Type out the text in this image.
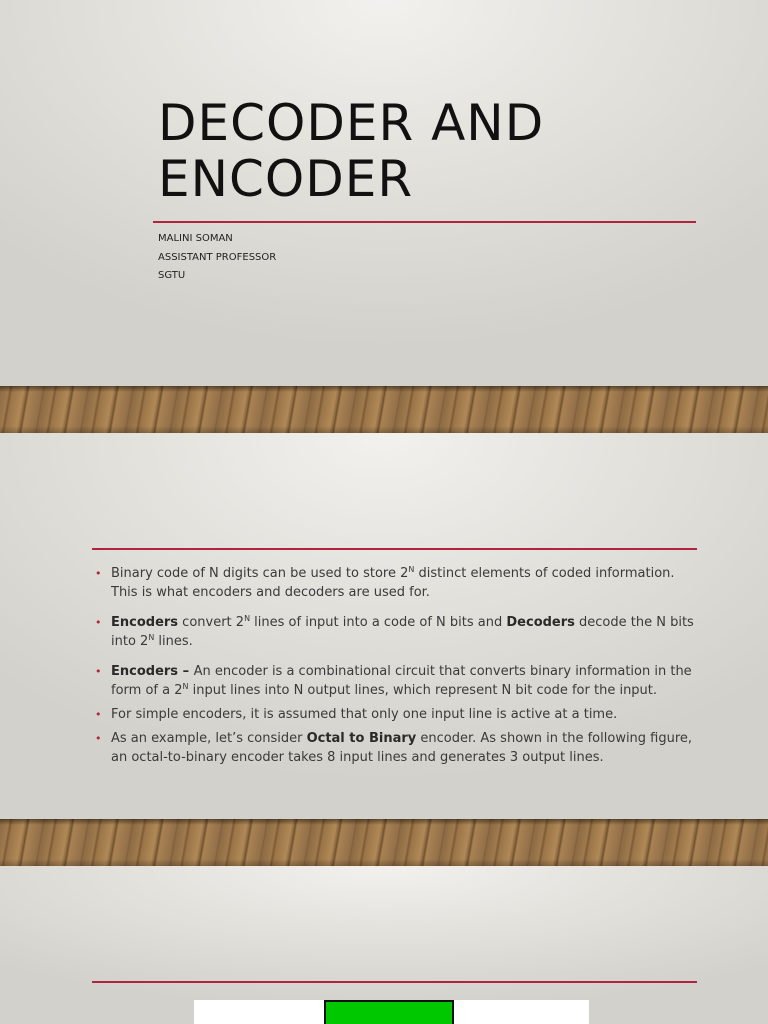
DECODER AND
ENCODER
MALINI SOMAN
ASSISTANT PROFESSOR
SGTU
• Binary code of N digits can be used to store $2^N$ distinct elements of coded information. This is what encoders and decoders are used for.
• Encoders convert $2^N$ lines of input into a code of N bits and Decoders decode the N bits into $2^N$ lines.
• Encoders – An encoder is a combinational circuit that converts binary information in the form of a $2^N$ input lines into N output lines, which represent N bit code for the input.
• For simple encoders, it is assumed that only one input line is active at a time.
• As an example, let’s consider Octal to Binary encoder. As shown in the following figure, an octal-to-binary encoder takes 8 input lines and generates 3 output lines.
